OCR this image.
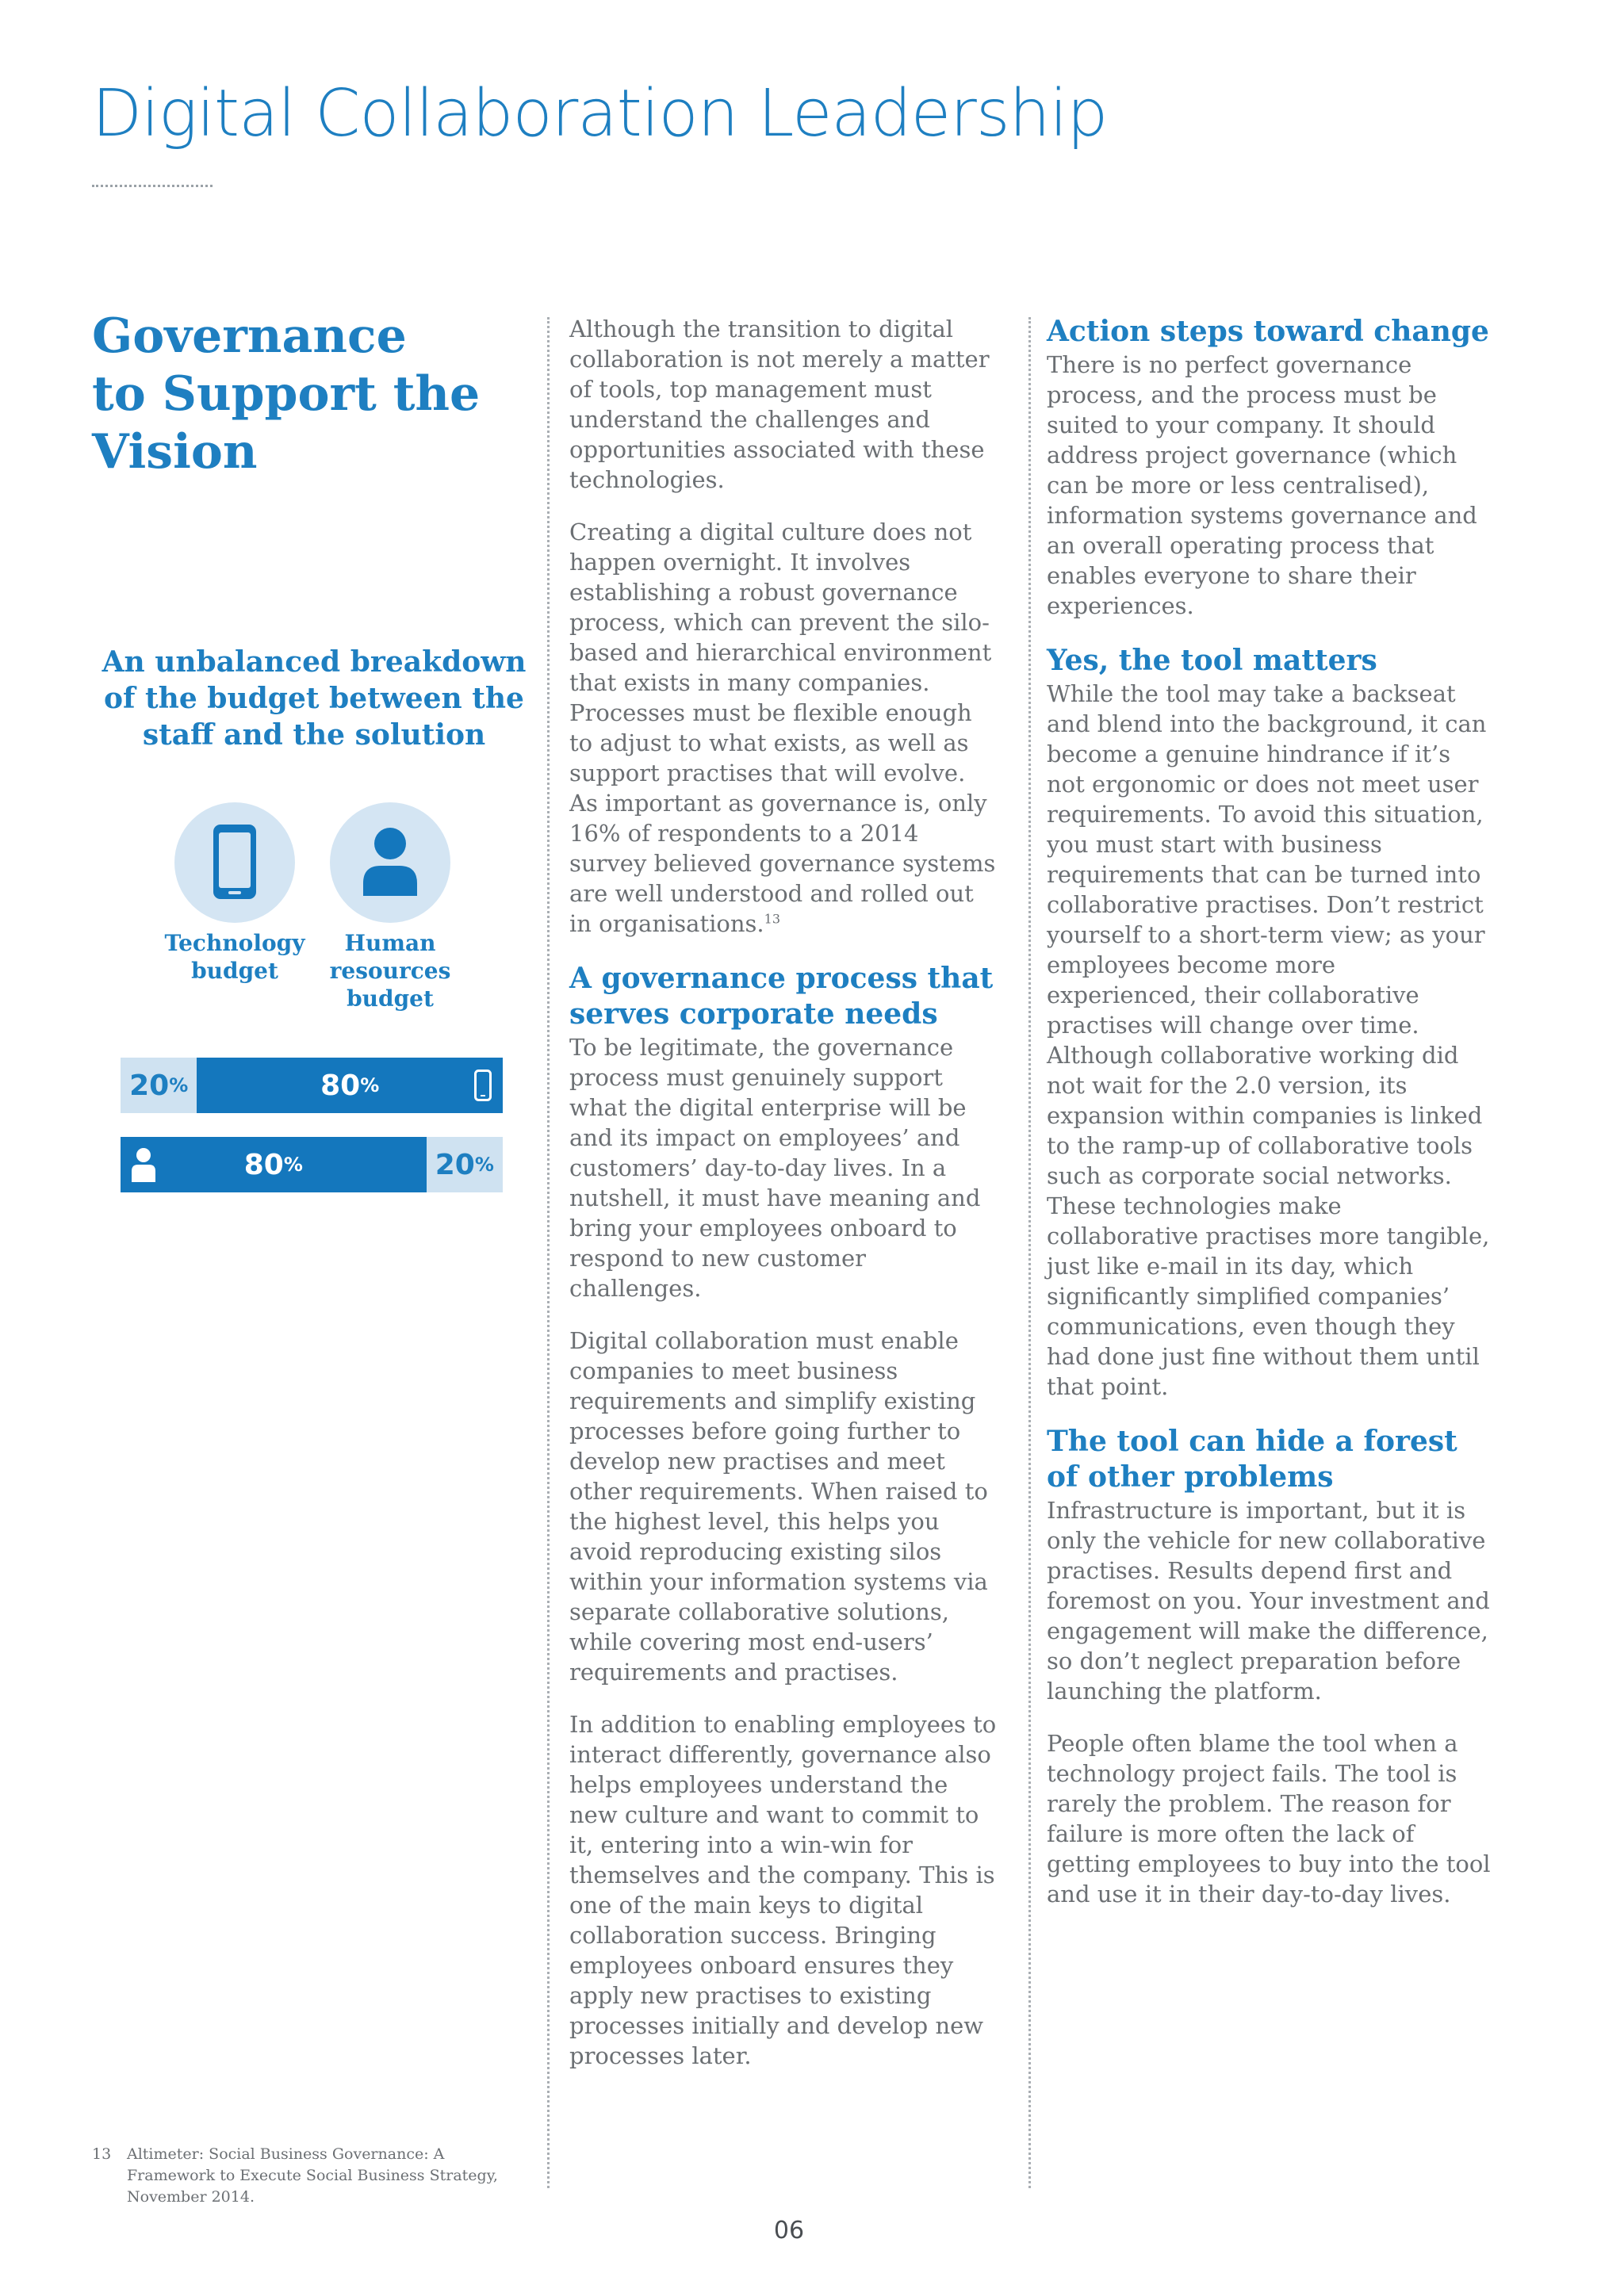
Digital Collaboration Leadership
Governance
to Support the
Vision
An unbalanced breakdown of the budget between the staff and the solution
Technology budget
Human
resources
budget
20 %	80 %
80 %	20 %

Although the transition to digital collaboration is not merely a matter of tools, top management must understand the challenges and opportunities associated with these technologies.

Creating a digital culture does not happen overnight. It involves establishing a robust governance process, which can prevent the silo-based and hierarchical environment that exists in many companies. Processes must be flexible enough to adjust to what exists, as well as support practises that will evolve. As important as governance is, only 16% of respondents to a 2014 survey believed governance systems are well understood and rolled out in organisations.$^{13}$

A governance process that serves corporate needs

To be legitimate, the governance process must genuinely support what the digital enterprise will be and its impact on employees’ and customers’ day-to-day lives. In a nutshell, it must have meaning and bring your employees onboard to respond to new customer challenges.

Digital collaboration must enable companies to meet business requirements and simplify existing processes before going further to develop new practises and meet other requirements. When raised to the highest level, this helps you avoid reproducing existing silos within your information systems via separate collaborative solutions, while covering most end-users’ requirements and practises.

In addition to enabling employees to interact differently, governance also helps employees understand the new culture and want to commit to it, entering into a win-win for themselves and the company. This is one of the main keys to digital collaboration success. Bringing employees onboard ensures they apply new practises to existing processes initially and develop new processes later.

Action steps toward change

There is no perfect governance process, and the process must be suited to your company. It should address project governance (which can be more or less centralised), information systems governance and an overall operating process that enables everyone to share their experiences.

Yes, the tool matters

While the tool may take a backseat and blend into the background, it can become a genuine hindrance if it’s not ergonomic or does not meet user requirements. To avoid this situation, you must start with business requirements that can be turned into collaborative practises. Don’t restrict yourself to a short-term view; as your employees become more experienced, their collaborative practises will change over time. Although collaborative working did not wait for the 2.0 version, its expansion within companies is linked to the ramp-up of collaborative tools such as corporate social networks. These technologies make collaborative practises more tangible, just like e-mail in its day, which significantly simplified companies’ communications, even though they had done just fine without them until that point.

The tool can hide a forest of other problems

Infrastructure is important, but it is only the vehicle for new collaborative practises. Results depend first and foremost on you. Your investment and engagement will make the difference, so don’t neglect preparation before launching the platform.

People often blame the tool when a technology project fails. The tool is rarely the problem. The reason for failure is more often the lack of getting employees to buy into the tool and use it in their day-to-day lives.

13 Altimeter: Social Business Governance: A Framework to Execute Social Business Strategy, November 2014.
06
